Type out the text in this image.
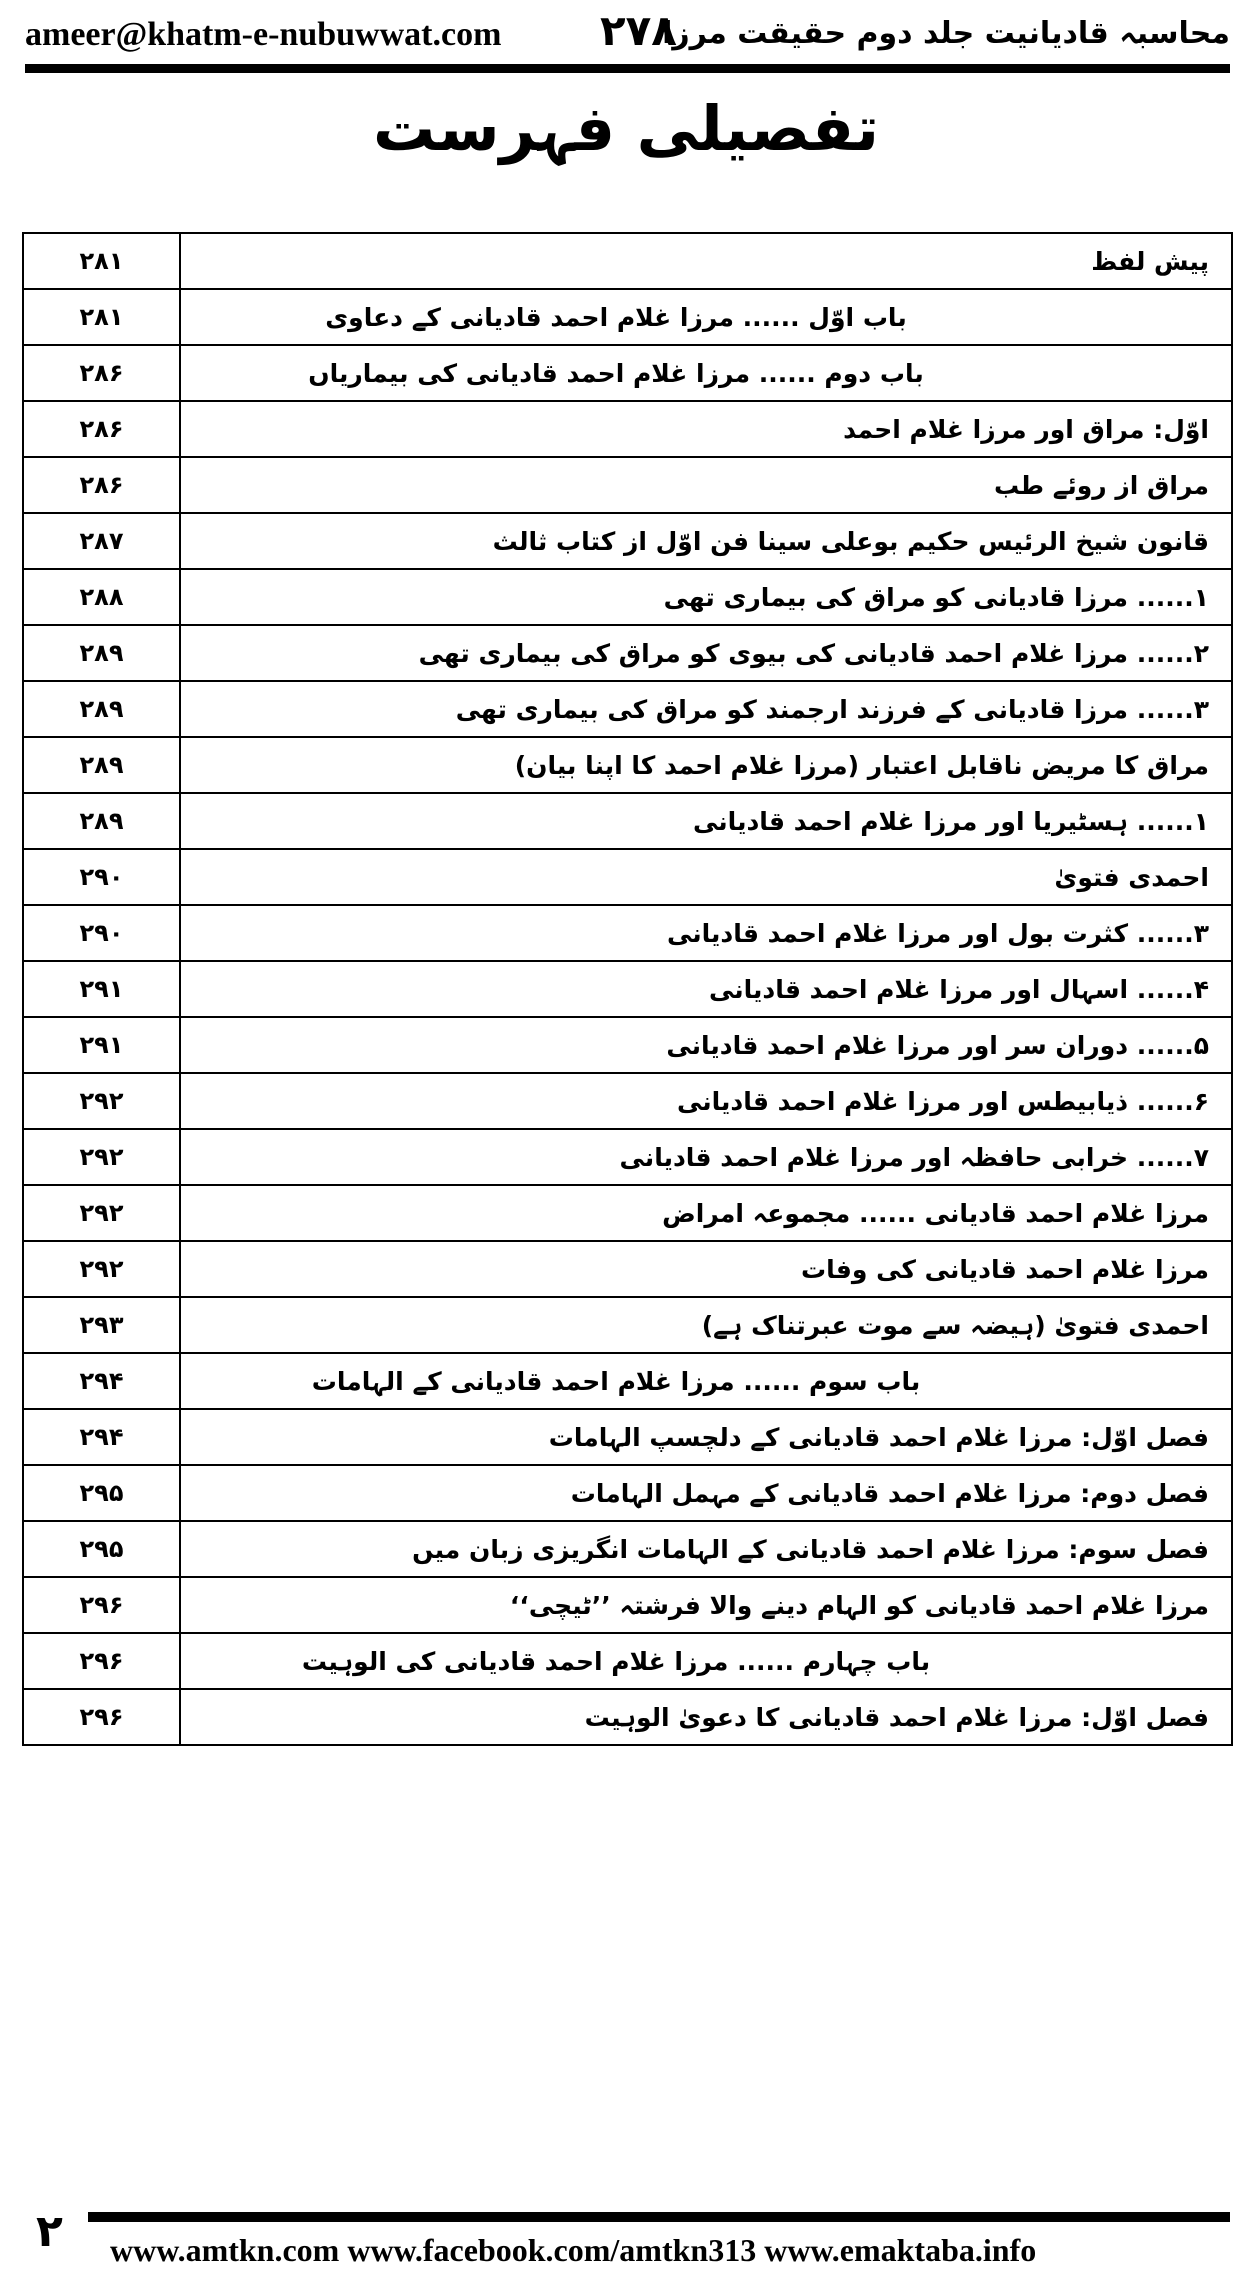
ameer@khatm-e-nubuwwat.com ۲۷۸
محاسبہ قادیانیت جلد دوم حقیقت مرزا
تفصیلی فہرست
۲۸۱	پیش لفظ
۲۸۱	باب اوّل ...... مرزا غلام احمد قادیانی کے دعاوی
۲۸۶	باب دوم ...... مرزا غلام احمد قادیانی کی بیماریاں
۲۸۶	اوّل: مراق اور مرزا غلام احمد
۲۸۶	مراق از روئے طب
۲۸۷	قانون شیخ الرئیس حکیم بوعلی سینا فن اوّل از کتاب ثالث
۲۸۸	۱...... مرزا قادیانی کو مراق کی بیماری تھی
۲۸۹	۲...... مرزا غلام احمد قادیانی کی بیوی کو مراق کی بیماری تھی
۲۸۹	۳...... مرزا قادیانی کے فرزند ارجمند کو مراق کی بیماری تھی
۲۸۹	مراق کا مریض ناقابل اعتبار (مرزا غلام احمد کا اپنا بیان)
۲۸۹	۱...... ہسٹیریا اور مرزا غلام احمد قادیانی
۲۹۰	احمدی فتویٰ
۲۹۰	۳...... کثرت بول اور مرزا غلام احمد قادیانی
۲۹۱	۴...... اسہال اور مرزا غلام احمد قادیانی
۲۹۱	۵...... دوران سر اور مرزا غلام احمد قادیانی
۲۹۲	۶...... ذیابیطس اور مرزا غلام احمد قادیانی
۲۹۲	۷...... خرابی حافظہ اور مرزا غلام احمد قادیانی
۲۹۲	مرزا غلام احمد قادیانی ...... مجموعہ امراض
۲۹۲	مرزا غلام احمد قادیانی کی وفات
۲۹۳	احمدی فتویٰ (ہیضہ سے موت عبرتناک ہے)
۲۹۴	باب سوم ...... مرزا غلام احمد قادیانی کے الہامات
۲۹۴	فصل اوّل: مرزا غلام احمد قادیانی کے دلچسپ الہامات
۲۹۵	فصل دوم: مرزا غلام احمد قادیانی کے مہمل الہامات
۲۹۵	فصل سوم: مرزا غلام احمد قادیانی کے الہامات انگریزی زبان میں
۲۹۶	مرزا غلام احمد قادیانی کو الہام دینے والا فرشتہ ’’ٹیچی‘‘
۲۹۶	باب چہارم ...... مرزا غلام احمد قادیانی کی الوہیت
۲۹۶	فصل اوّل: مرزا غلام احمد قادیانی کا دعویٰ الوہیت
۲ www.amtkn.com www.facebook.com/amtkn313 www.emaktaba.info
